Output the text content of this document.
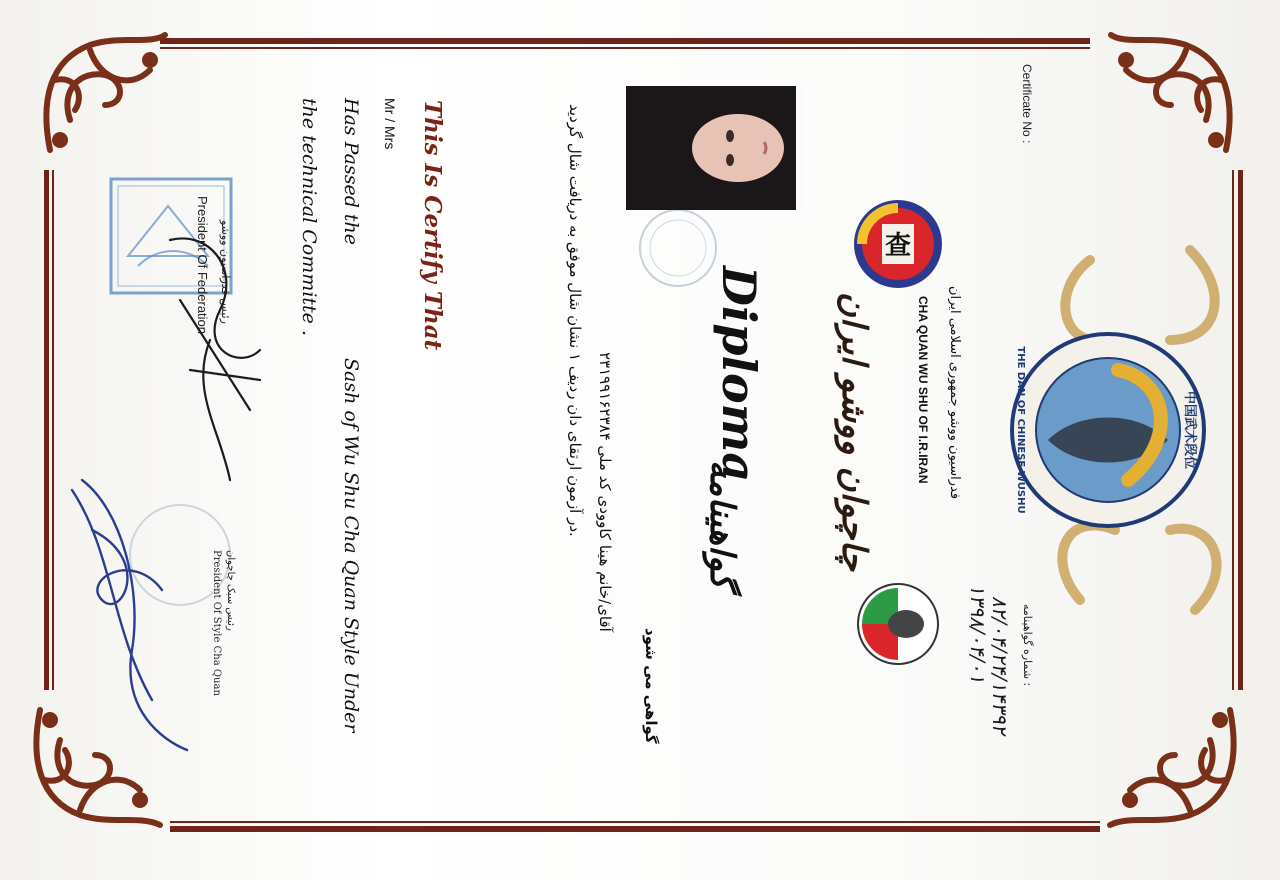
中国武术段位
THE DAN OF CHINESE WUSHU
查
Certificate No :
شماره گواهینامه :
۸۲/۰۴/۲۴/۱۴۳۹۲
۱۳۹۸/۰۴/۰۱
فدراسیون ووشو جمهوری اسلامی ایران
CHA QUAN WU SHU OF I.R.IRAN
چاچوان ووشو ایران
Diploma
گواهینامه
گواهی می شود
آقای/خانم هینا کاوودی کد ملی ۲۳۱۹۹۱۶۲۳۸۴
در آزمون ارتقای دان ردیف ۱ نشان شال موفق به دریافت شال گردید.
This Is Certify That
Mr / Mrs
Has Passed the
Sash of Wu Shu Cha Quan Style Under
the technical Committe .
President Of Federation رئیس فدراسیون ووشو
President Of Style Cha Quan رئیس سبک چاچوان
